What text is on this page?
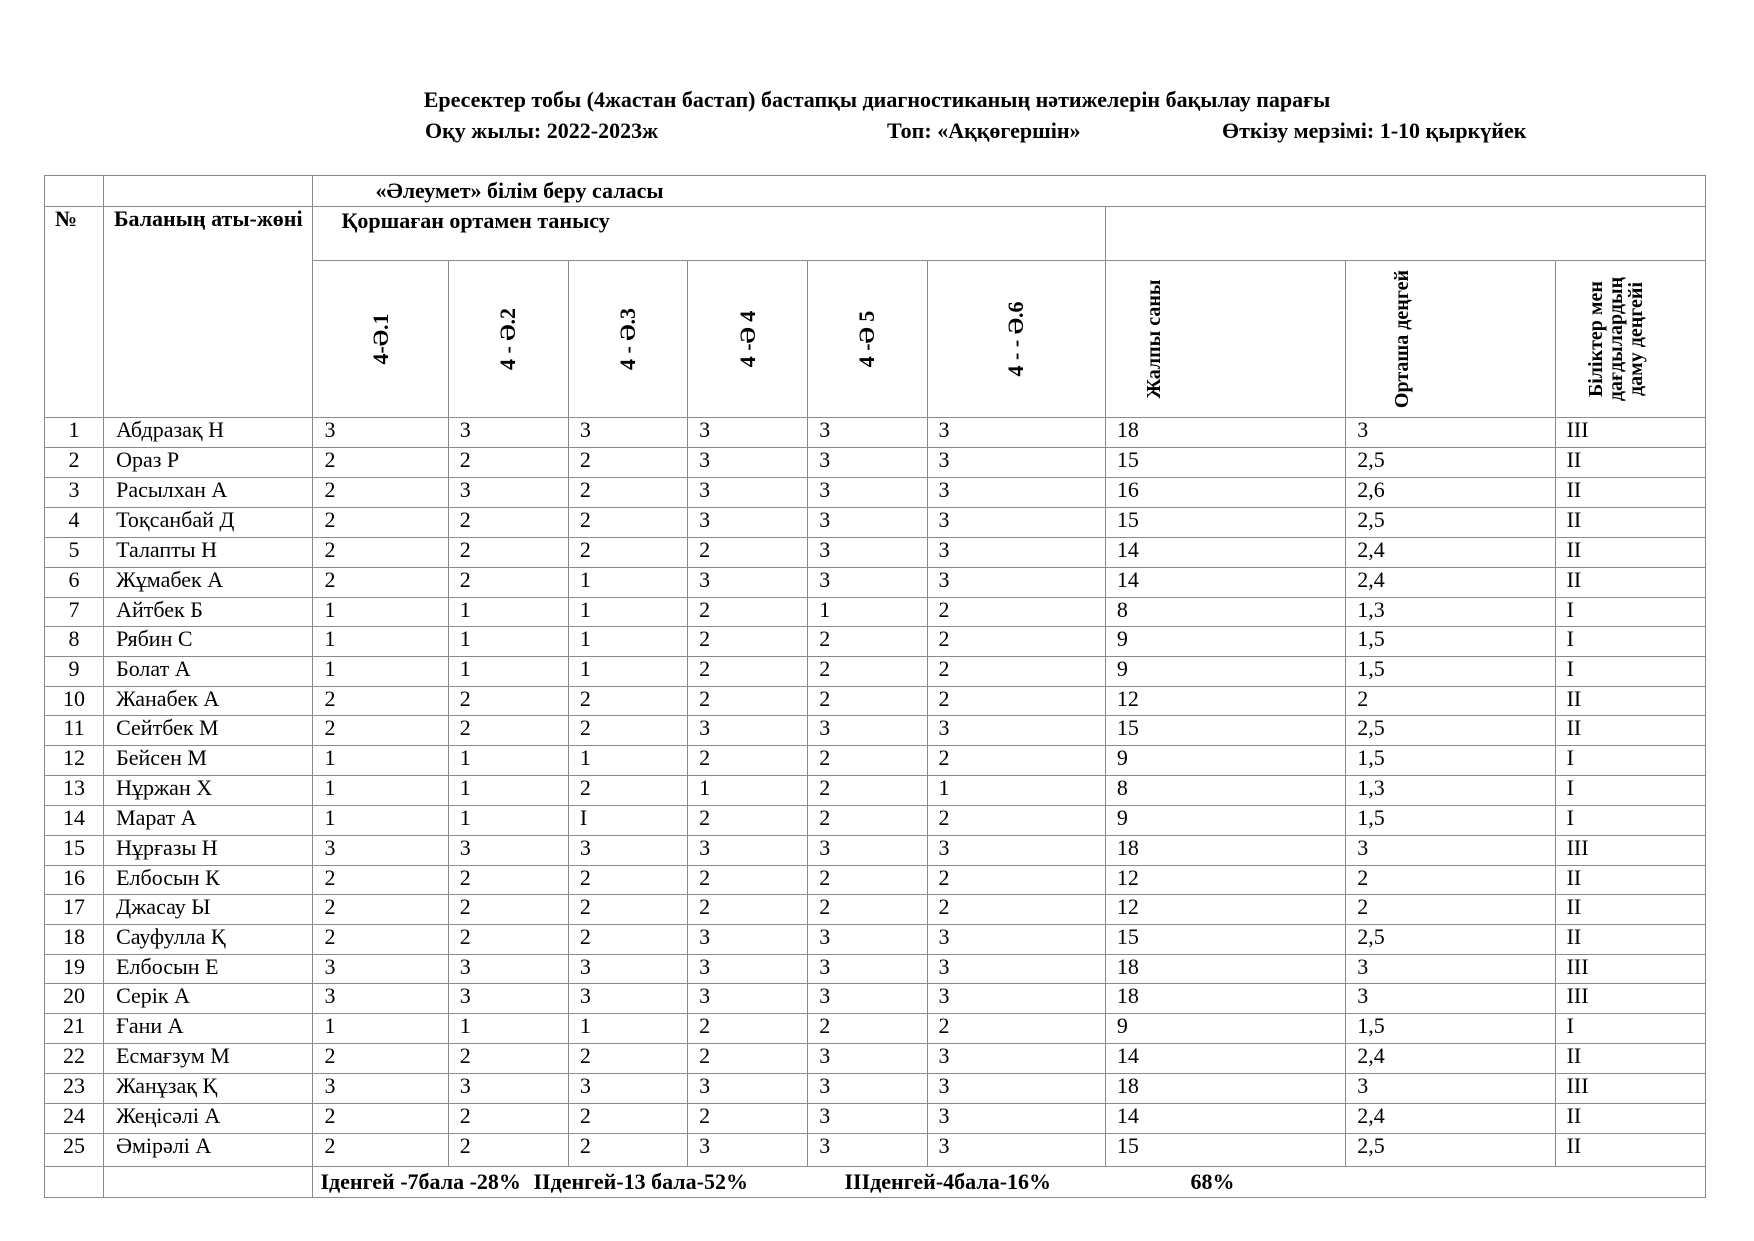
Ересектер тобы (4жастан бастап) бастапқы диагностиканың нәтижелерін бақылау парағы
Оқу жылы: 2022-2023ж	Топ: «Аққөгершін»	Өткізу мерзімі: 1-10 қыркүйек
		«Әлеумет» білім беру саласы								
№	Баланың аты-жөні	Қоршаған ортамен танысу								

		4-Ә.1	4 - Ә.2	4 - Ә.3	4 -Ә 4	4 -Ә 5	4 - - Ә.6	Жалпы саны	Орташа деңгей	Біліктер мен дағдылардың даму деңгейі

1	Абдразақ Н	3	3	3	3	3	3	18	3	III
2	Ораз Р	2	2	2	3	3	3	15	2,5	II
3	Расылхан А	2	3	2	3	3	3	16	2,6	II
4	Тоқсанбай Д	2	2	2	3	3	3	15	2,5	II
5	Талапты Н	2	2	2	2	3	3	14	2,4	II
6	Жұмабек А	2	2	1	3	3	3	14	2,4	II
7	Айтбек Б	1	1	1	2	1	2	8	1,3	I
8	Рябин С	1	1	1	2	2	2	9	1,5	I
9	Болат А	1	1	1	2	2	2	9	1,5	I
10	Жанабек А	2	2	2	2	2	2	12	2	II
11	Сейтбек М	2	2	2	3	3	3	15	2,5	II
12	Бейсен М	1	1	1	2	2	2	9	1,5	I
13	Нұржан Х	1	1	2	1	2	1	8	1,3	I
14	Марат А	1	1	I	2	2	2	9	1,5	I
15	Нұрғазы Н	3	3	3	3	3	3	18	3	III
16	Елбосын К	2	2	2	2	2	2	12	2	II
17	Джасау Ы	2	2	2	2	2	2	12	2	II
18	Сауфулла Қ	2	2	2	3	3	3	15	2,5	II
19	Елбосын Е	3	3	3	3	3	3	18	3	III
20	Серік А	3	3	3	3	3	3	18	3	III
21	Ғани А	1	1	1	2	2	2	9	1,5	I
22	Есмағзум М	2	2	2	2	3	3	14	2,4	II
23	Жанұзақ Қ	3	3	3	3	3	3	18	3	III
24	Жеңісәлі А	2	2	2	2	3	3	14	2,4	II
25	Әмірәлі А	2	2	2	3	3	3	15	2,5	II

		Іденгей -7бала -28% ІІденгей-13 бала-52% ІІІденгей-4бала-16% 68%								
